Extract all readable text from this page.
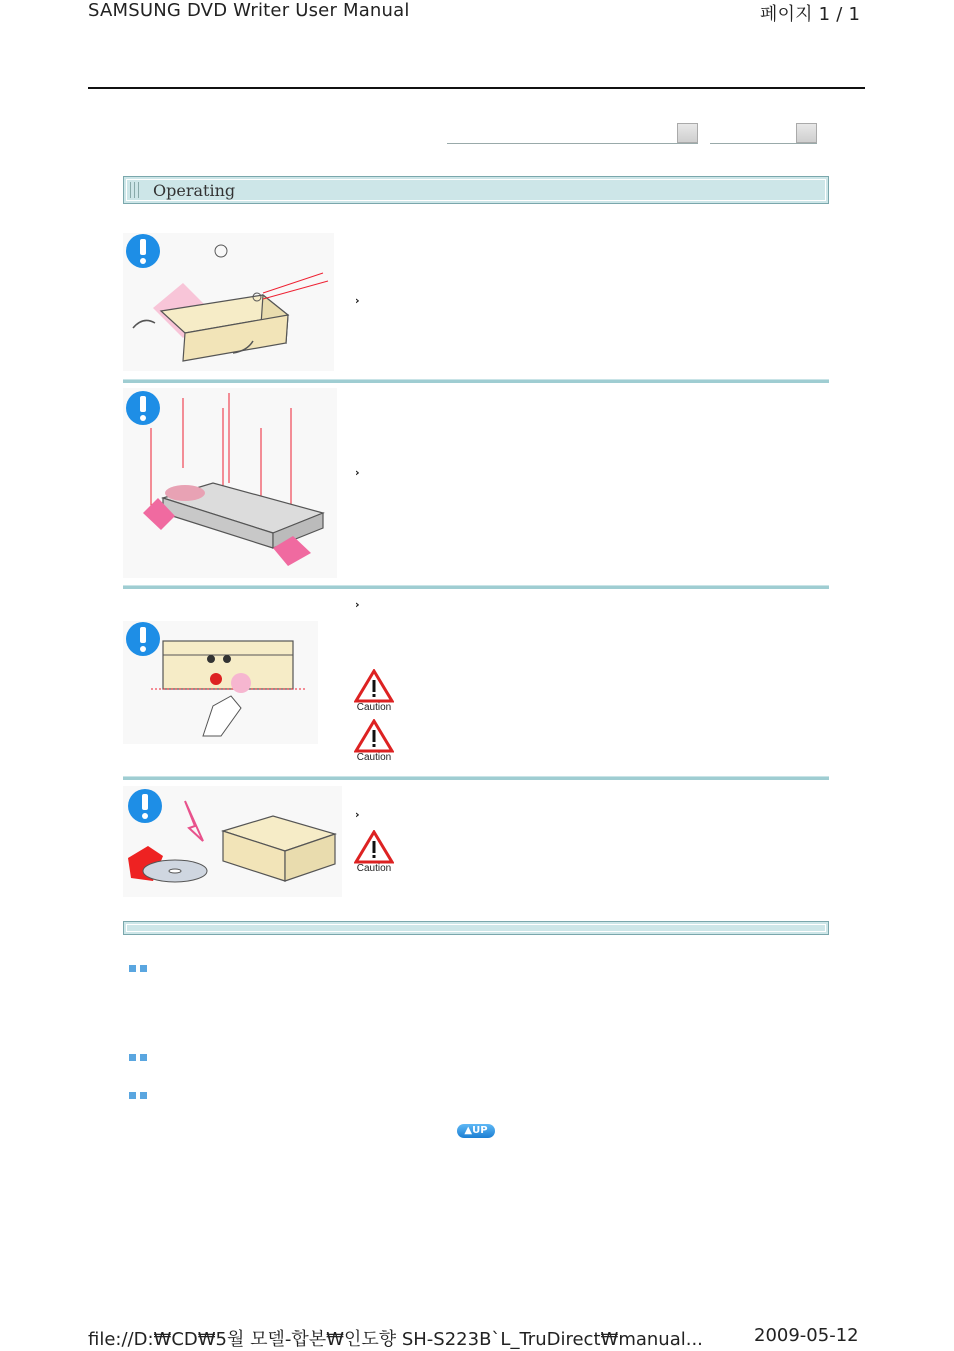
SAMSUNG DVD Writer User Manual	페이지 1 / 1
Operating
›
›
›
Caution
Caution
›
Caution
▲UP
file://D:₩CD₩5월 모델-합본₩인도향 SH-S223B`L_TruDirect₩manual...	2009-05-12
